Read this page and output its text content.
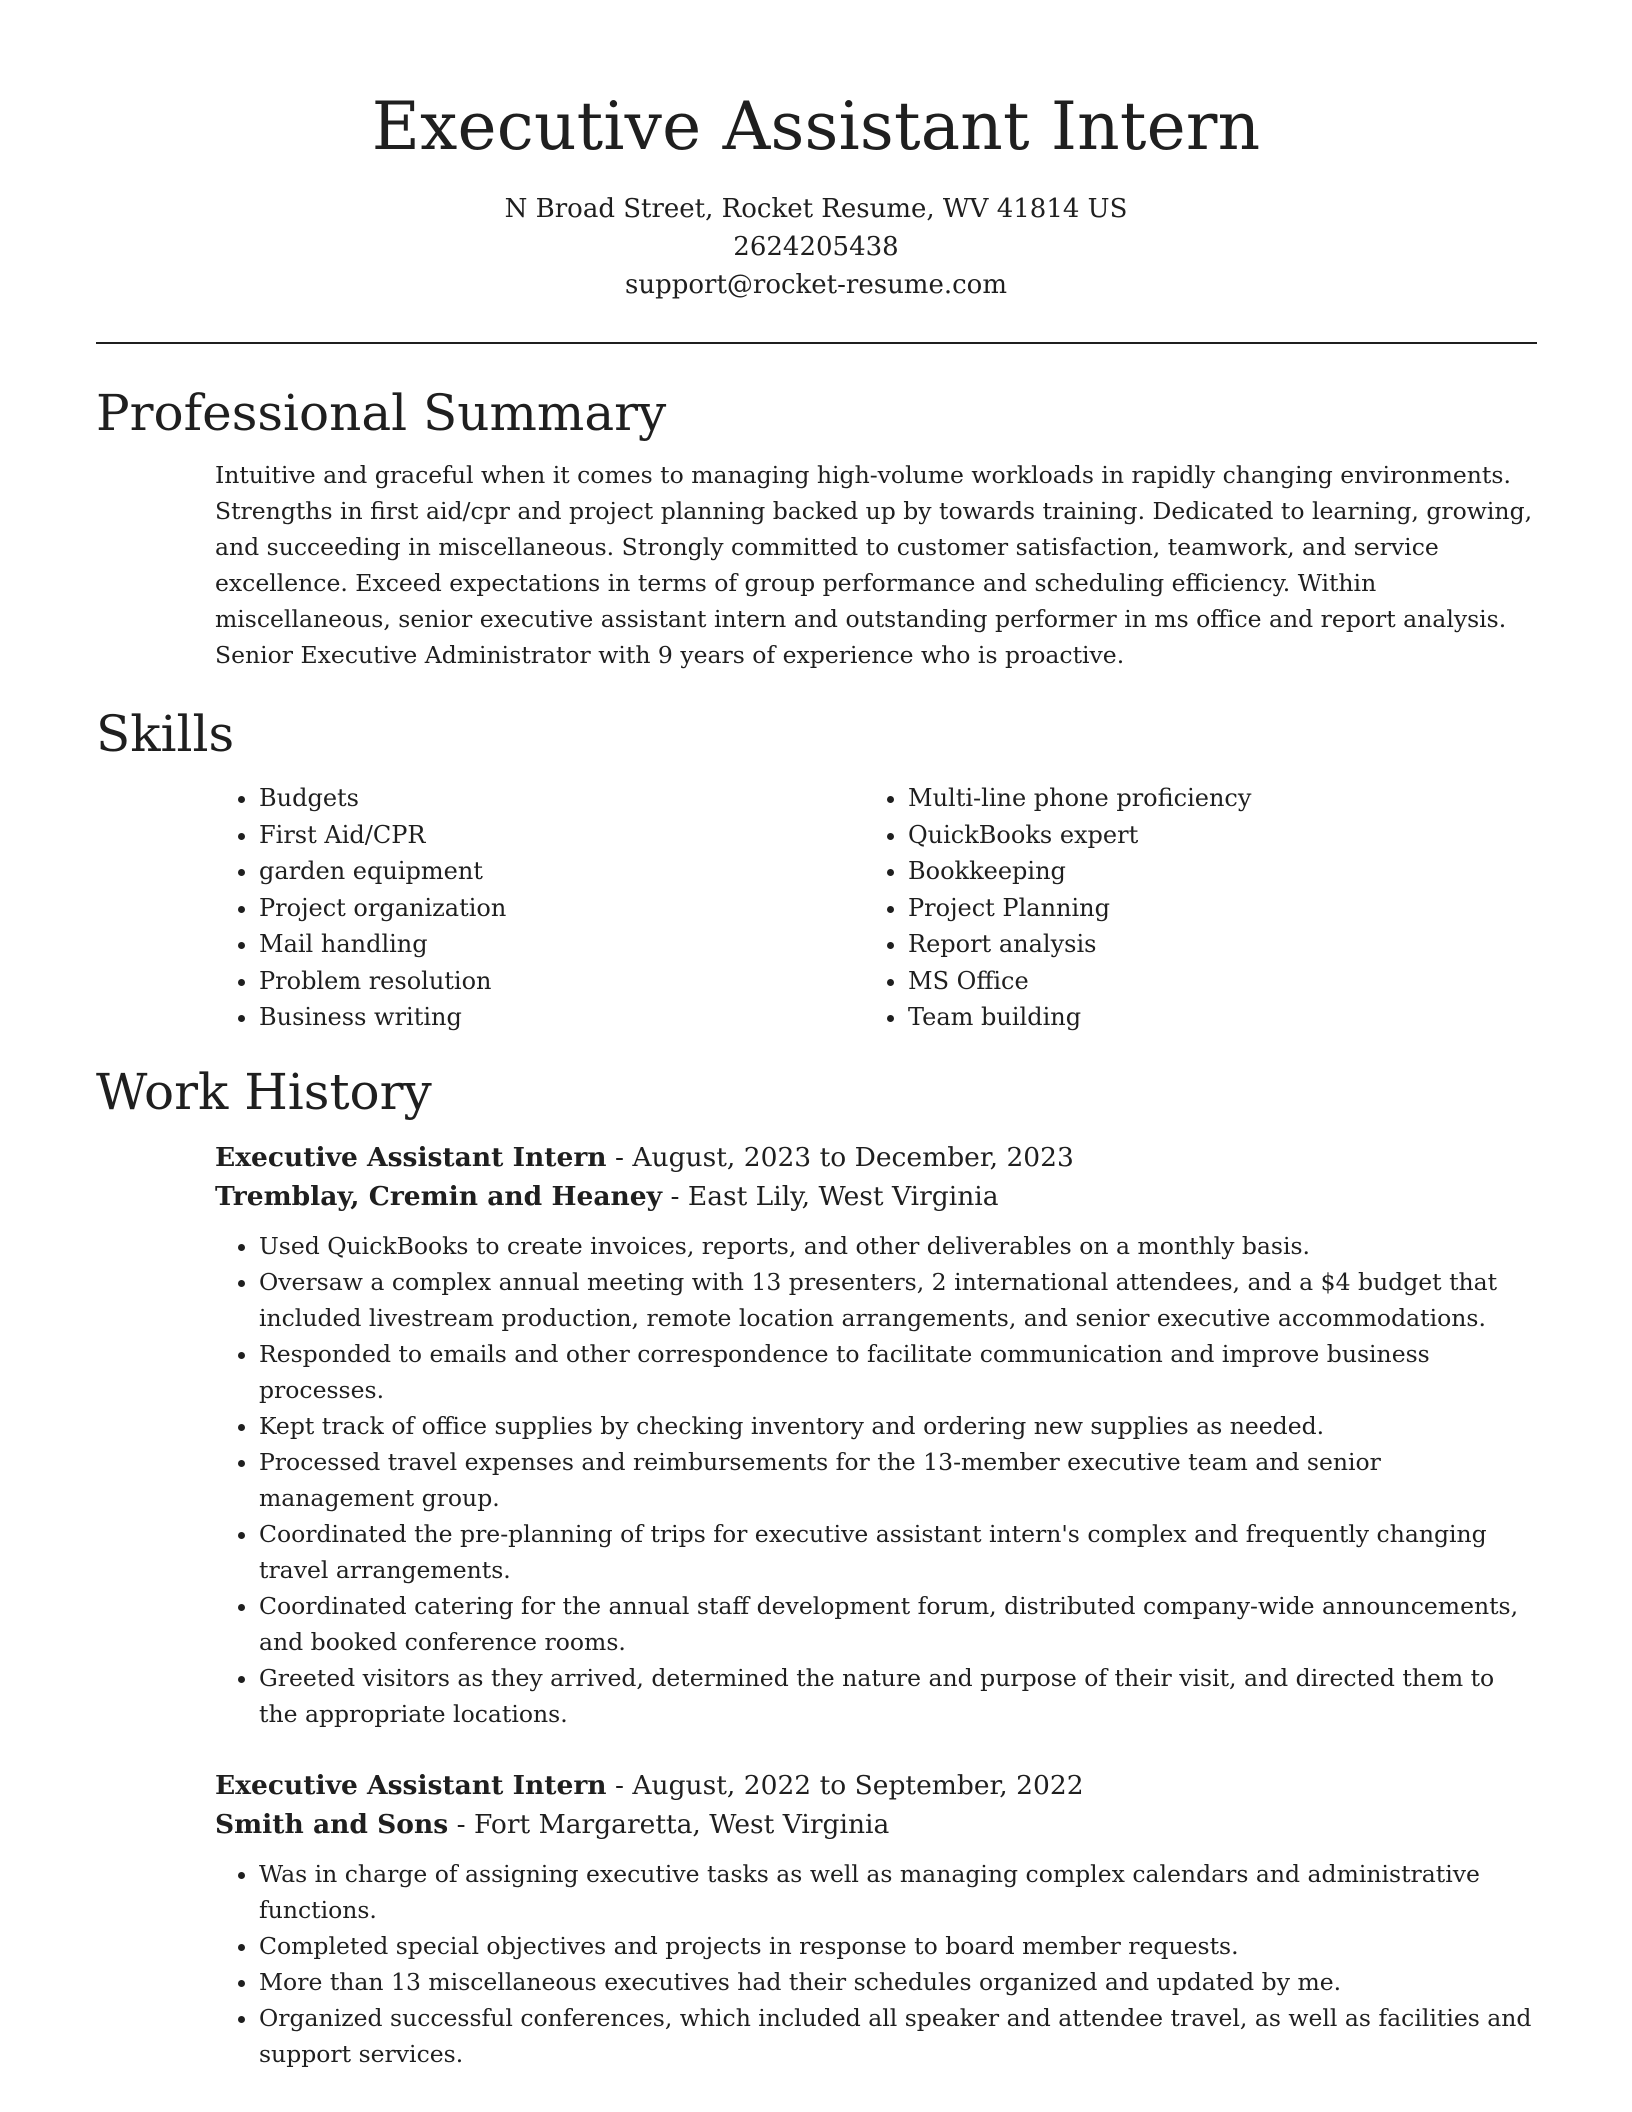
Executive Assistant Intern
N Broad Street, Rocket Resume, WV 41814 US
2624205438
support@rocket-resume.com
Professional Summary

Intuitive and graceful when it comes to managing high-volume workloads in rapidly changing environments. Strengths in first aid/cpr and project planning backed up by towards training. Dedicated to learning, growing, and succeeding in miscellaneous. Strongly committed to customer satisfaction, teamwork, and service excellence. Exceed expectations in terms of group performance and scheduling efficiency. Within miscellaneous, senior executive assistant intern and outstanding performer in ms office and report analysis. Senior Executive Administrator with 9 years of experience who is proactive.

Skills
• Budgets
• First Aid/CPR
• garden equipment
• Project organization
• Mail handling
• Problem resolution
• Business writing
• Multi-line phone proficiency
• QuickBooks expert
• Bookkeeping
• Project Planning
• Report analysis
• MS Office
• Team building
Work History
Executive Assistant Intern - August, 2023 to December, 2023
Tremblay, Cremin and Heaney - East Lily, West Virginia
• Used QuickBooks to create invoices, reports, and other deliverables on a monthly basis.
• Oversaw a complex annual meeting with 13 presenters, 2 international attendees, and a $4 budget that included livestream production, remote location arrangements, and senior executive accommodations.
• Responded to emails and other correspondence to facilitate communication and improve business processes.
• Kept track of office supplies by checking inventory and ordering new supplies as needed.
• Processed travel expenses and reimbursements for the 13-member executive team and senior management group.
• Coordinated the pre-planning of trips for executive assistant intern's complex and frequently changing travel arrangements.
• Coordinated catering for the annual staff development forum, distributed company-wide announcements, and booked conference rooms.
• Greeted visitors as they arrived, determined the nature and purpose of their visit, and directed them to the appropriate locations.
Executive Assistant Intern - August, 2022 to September, 2022
Smith and Sons - Fort Margaretta, West Virginia
• Was in charge of assigning executive tasks as well as managing complex calendars and administrative functions.
• Completed special objectives and projects in response to board member requests.
• More than 13 miscellaneous executives had their schedules organized and updated by me.
• Organized successful conferences, which included all speaker and attendee travel, as well as facilities and support services.
